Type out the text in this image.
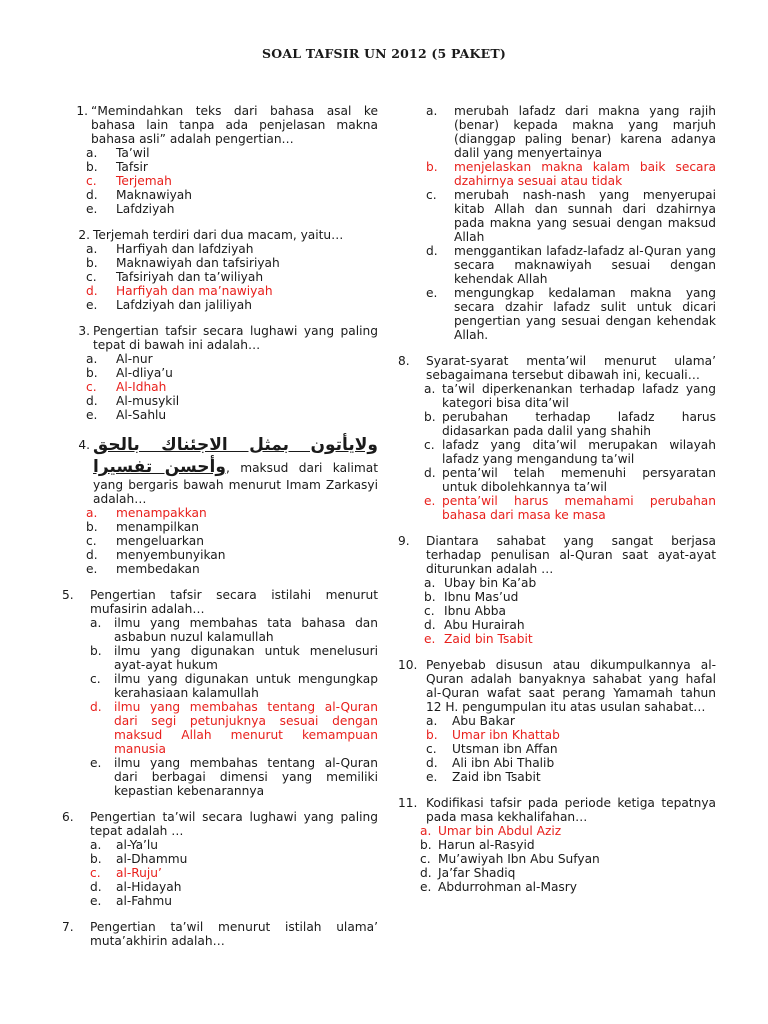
SOAL TAFSIR UN 2012 (5 PAKET)
1. “Memindahkan teks dari bahasa asal ke bahasa lain tanpa ada penjelasan makna bahasa asli” adalah pengertian…
a.	Ta’wil
b.	Tafsir
c.	Terjemah
d.	Maknawiyah
e.	Lafdziyah
2. Terjemah terdiri dari dua macam, yaitu…
a.	Harfiyah dan lafdziyah
b.	Maknawiyah dan tafsiriyah
c.	Tafsiriyah dan ta’wiliyah
d.	Harfiyah dan ma’nawiyah
e.	Lafdziyah dan jaliliyah
3. Pengertian tafsir secara lughawi yang paling tepat di bawah ini adalah…
a.	Al-nur
b.	Al-dliya’u
c.	Al-Idhah
d.	Al-musykil
e.	Al-Sahlu
4. ولايأتون بمثل الاجئناك بالحق وأحسن تفسيرا, maksud dari kalimat yang bergaris bawah menurut Imam Zarkasyi adalah…
a.	menampakkan
b.	menampilkan
c.	mengeluarkan
d.	menyembunyikan
e.	membedakan
5.	Pengertian tafsir secara istilahi menurut mufasirin adalah…
a.	ilmu yang membahas tata bahasa dan asbabun nuzul kalamullah
b.	ilmu yang digunakan untuk menelusuri ayat-ayat hukum
c.	ilmu yang digunakan untuk mengungkap kerahasiaan kalamullah
d.	ilmu yang membahas tentang al-Quran dari segi petunjuknya sesuai dengan maksud Allah menurut kemampuan manusia
e.	ilmu yang membahas tentang al-Quran dari berbagai dimensi yang memiliki kepastian kebenarannya
6.	Pengertian ta’wil secara lughawi yang paling tepat adalah …
a.	al-Ya’lu
b.	al-Dhammu
c.	al-Ruju’
d.	al-Hidayah
e.	al-Fahmu
7.	Pengertian ta’wil menurut istilah ulama’ muta’akhirin adalah…
a.	merubah lafadz dari makna yang rajih (benar) kepada makna yang marjuh (dianggap paling benar) karena adanya dalil yang menyertainya
b.	menjelaskan makna kalam baik secara dzahirnya sesuai atau tidak
c.	merubah nash-nash yang menyerupai kitab Allah dan sunnah dari dzahirnya pada makna yang sesuai dengan maksud Allah
d.	menggantikan lafadz-lafadz al-Quran yang secara maknawiyah sesuai dengan kehendak Allah
e.	mengungkap kedalaman makna yang secara dzahir lafadz sulit untuk dicari pengertian yang sesuai dengan kehendak Allah.
8.	Syarat-syarat menta’wil menurut ulama’ sebagaimana tersebut dibawah ini, kecuali…
a. ta’wil diperkenankan terhadap lafadz yang kategori bisa dita’wil
b. perubahan terhadap lafadz harus didasarkan pada dalil yang shahih
c. lafadz yang dita’wil merupakan wilayah lafadz yang mengandung ta’wil
d. penta’wil telah memenuhi persyaratan untuk dibolehkannya ta’wil
e. penta’wil harus memahami perubahan bahasa dari masa ke masa
9.	Diantara sahabat yang sangat berjasa terhadap penulisan al-Quran saat ayat-ayat diturunkan adalah …
a. Ubay bin Ka’ab
b. Ibnu Mas’ud
c. Ibnu Abba
d. Abu Hurairah
e. Zaid bin Tsabit
10. Penyebab disusun atau dikumpulkannya al-Quran adalah banyaknya sahabat yang hafal al-Quran wafat saat perang Yamamah tahun 12 H. pengumpulan itu atas usulan sahabat…
a.	Abu Bakar
b.	Umar ibn Khattab
c.	Utsman ibn Affan
d.	Ali ibn Abi Thalib
e.	Zaid ibn Tsabit
11. Kodifikasi tafsir pada periode ketiga tepatnya pada masa kekhalifahan…
a. Umar bin Abdul Aziz
b. Harun al-Rasyid
c. Mu’awiyah Ibn Abu Sufyan
d. Ja’far Shadiq
e. Abdurrohman al-Masry
